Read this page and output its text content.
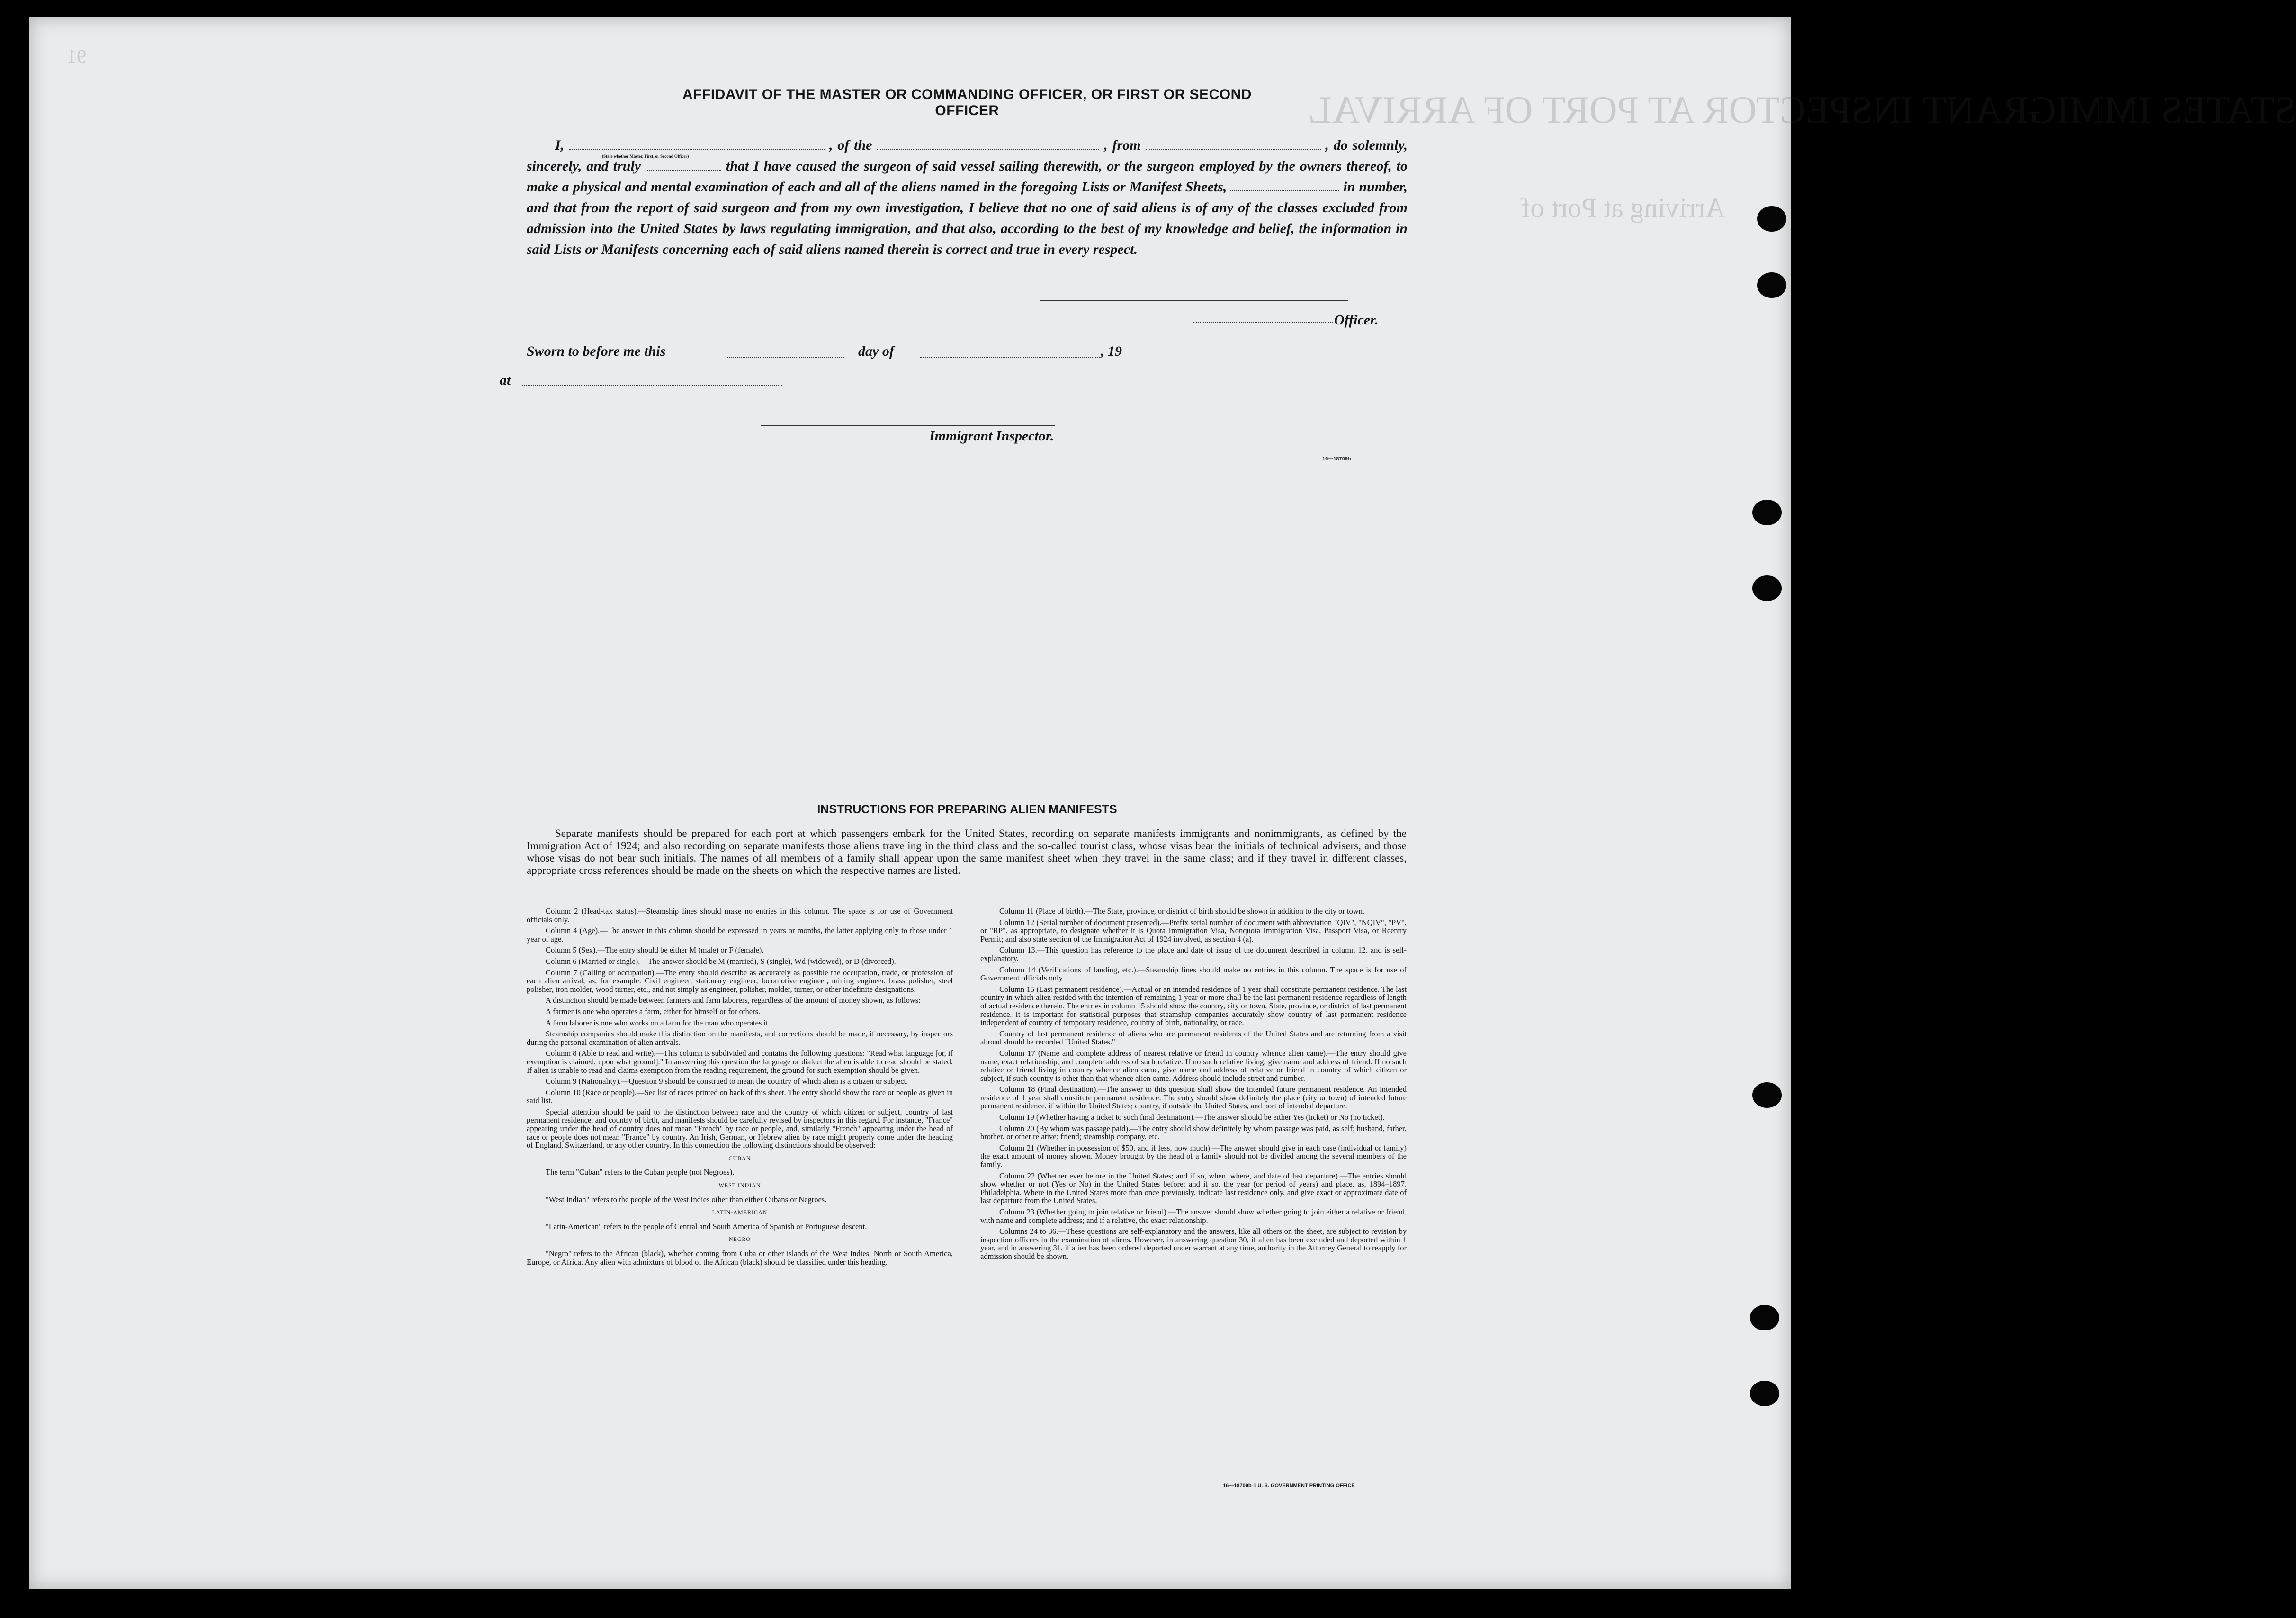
STATES IMMIGRANT INSPECTOR AT PORT OF ARRIVAL
Arriving at Port of
91
AFFIDAVIT OF THE MASTER OR COMMANDING OFFICER, OR FIRST OR SECOND OFFICER
I,
(State whether Master, First, or Second Officer)
, of the	, from	, do solemnly, sincerely, and truly	that I have caused the surgeon of said vessel sailing therewith, or the surgeon employed by the owners thereof, to make a physical and mental examination of each and all of the aliens named in the foregoing Lists or Manifest Sheets,	in number, and that from the report of said surgeon and from my own investigation, I believe that no one of said aliens is of any of the classes excluded from admission into the United States by laws regulating immigration, and that also, according to the best of my knowledge and belief, the information in said Lists or Manifests concerning each of said aliens named therein is correct and true in every respect.
Officer.
Sworn to before me this	day of	, 19
at
Immigrant Inspector.
16—18709b
INSTRUCTIONS FOR PREPARING ALIEN MANIFESTS
Separate manifests should be prepared for each port at which passengers embark for the United States, recording on separate manifests immigrants and nonimmigrants, as defined by the Immigration Act of 1924; and also recording on separate manifests those aliens traveling in the third class and the so-called tourist class, whose visas bear the initials of technical advisers, and those whose visas do not bear such initials. The names of all members of a family shall appear upon the same manifest sheet when they travel in the same class; and if they travel in different classes, appropriate cross references should be made on the sheets on which the respective names are listed.

Column 2 (Head-tax status).—Steamship lines should make no entries in this column. The space is for use of Government officials only.

Column 4 (Age).—The answer in this column should be expressed in years or months, the latter applying only to those under 1 year of age.

Column 5 (Sex).—The entry should be either M (male) or F (female).

Column 6 (Married or single).—The answer should be M (married), S (single), Wd (widowed), or D (divorced).

Column 7 (Calling or occupation).—The entry should describe as accurately as possible the occupation, trade, or profession of each alien arrival, as, for example: Civil engineer, stationary engineer, locomotive engineer, mining engineer, brass polisher, steel polisher, iron molder, wood turner, etc., and not simply as engineer, polisher, molder, turner, or other indefinite designations.

A distinction should be made between farmers and farm laborers, regardless of the amount of money shown, as follows:

A farmer is one who operates a farm, either for himself or for others.

A farm laborer is one who works on a farm for the man who operates it.

Steamship companies should make this distinction on the manifests, and corrections should be made, if necessary, by inspectors during the personal examination of alien arrivals.

Column 8 (Able to read and write).—This column is subdivided and contains the following questions: "Read what language [or, if exemption is claimed, upon what ground]." In answering this question the language or dialect the alien is able to read should be stated. If alien is unable to read and claims exemption from the reading requirement, the ground for such exemption should be given.

Column 9 (Nationality).—Question 9 should be construed to mean the country of which alien is a citizen or subject.

Column 10 (Race or people).—See list of races printed on back of this sheet. The entry should show the race or people as given in said list.

Special attention should be paid to the distinction between race and the country of which citizen or subject, country of last permanent residence, and country of birth, and manifests should be carefully revised by inspectors in this regard. For instance, "France" appearing under the head of country does not mean "French" by race or people, and, similarly "French" appearing under the head of race or people does not mean "France" by country. An Irish, German, or Hebrew alien by race might properly come under the heading of England, Switzerland, or any other country. In this connection the following distinctions should be observed:

CUBAN

The term "Cuban" refers to the Cuban people (not Negroes).

WEST INDIAN

"West Indian" refers to the people of the West Indies other than either Cubans or Negroes.

LATIN-AMERICAN

"Latin-American" refers to the people of Central and South America of Spanish or Portuguese descent.

NEGRO

"Negro" refers to the African (black), whether coming from Cuba or other islands of the West Indies, North or South America, Europe, or Africa. Any alien with admixture of blood of the African (black) should be classified under this heading.

Column 11 (Place of birth).—The State, province, or district of birth should be shown in addition to the city or town.

Column 12 (Serial number of document presented).—Prefix serial number of document with abbreviation "QIV", "NQIV", "PV", or "RP", as appropriate, to designate whether it is Quota Immigration Visa, Nonquota Immigration Visa, Passport Visa, or Reentry Permit; and also state section of the Immigration Act of 1924 involved, as section 4 (a).

Column 13.—This question has reference to the place and date of issue of the document described in column 12, and is self-explanatory.

Column 14 (Verifications of landing, etc.).—Steamship lines should make no entries in this column. The space is for use of Government officials only.

Column 15 (Last permanent residence).—Actual or an intended residence of 1 year shall constitute permanent residence. The last country in which alien resided with the intention of remaining 1 year or more shall be the last permanent residence regardless of length of actual residence therein. The entries in column 15 should show the country, city or town, State, province, or district of last permanent residence. It is important for statistical purposes that steamship companies accurately show country of last permanent residence independent of country of temporary residence, country of birth, nationality, or race.

Country of last permanent residence of aliens who are permanent residents of the United States and are returning from a visit abroad should be recorded "United States."

Column 17 (Name and complete address of nearest relative or friend in country whence alien came).—The entry should give name, exact relationship, and complete address of such relative. If no such relative living, give name and address of friend. If no such relative or friend living in country whence alien came, give name and address of relative or friend in country of which citizen or subject, if such country is other than that whence alien came. Address should include street and number.

Column 18 (Final destination).—The answer to this question shall show the intended future permanent residence. An intended residence of 1 year shall constitute permanent residence. The entry should show definitely the place (city or town) of intended future permanent residence, if within the United States; country, if outside the United States, and port of intended departure.

Column 19 (Whether having a ticket to such final destination).—The answer should be either Yes (ticket) or No (no ticket).

Column 20 (By whom was passage paid).—The entry should show definitely by whom passage was paid, as self; husband, father, brother, or other relative; friend; steamship company, etc.

Column 21 (Whether in possession of $50, and if less, how much).—The answer should give in each case (individual or family) the exact amount of money shown. Money brought by the head of a family should not be divided among the several members of the family.

Column 22 (Whether ever before in the United States; and if so, when, where, and date of last departure).—The entries should show whether or not (Yes or No) in the United States before; and if so, the year (or period of years) and place, as, 1894–1897, Philadelphia. Where in the United States more than once previously, indicate last residence only, and give exact or approximate date of last departure from the United States.

Column 23 (Whether going to join relative or friend).—The answer should show whether going to join either a relative or friend, with name and complete address; and if a relative, the exact relationship.

Columns 24 to 36.—These questions are self-explanatory and the answers, like all others on the sheet, are subject to revision by inspection officers in the examination of aliens. However, in answering question 30, if alien has been excluded and deported within 1 year, and in answering 31, if alien has been ordered deported under warrant at any time, authority in the Attorney General to reapply for admission should be shown.

16—18709b-1 U. S. GOVERNMENT PRINTING OFFICE
